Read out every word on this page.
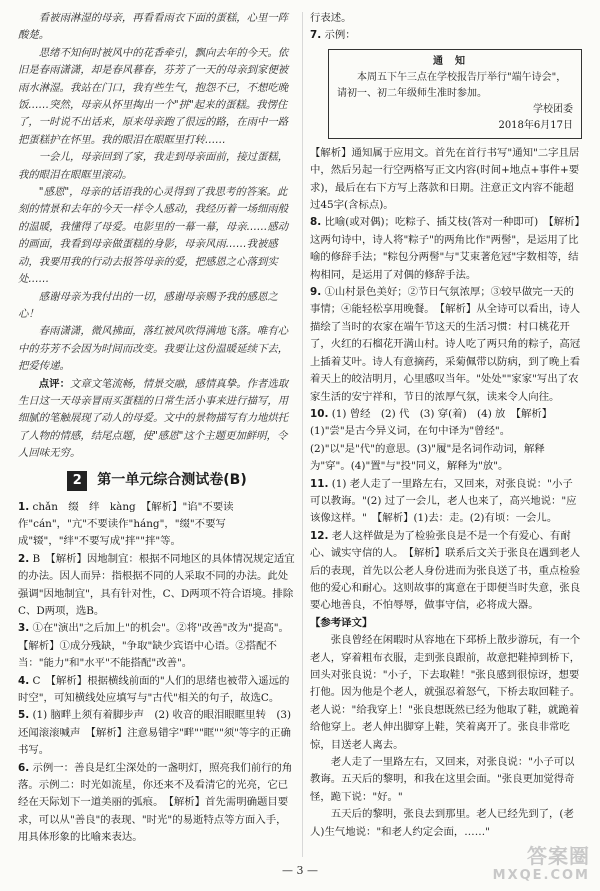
看被雨淋湿的母亲，再看看雨衣下面的蛋糕，心里一阵酸楚。

思绪不知何时被风中的花香牵引，飘向去年的今天。依旧是春雨潇潇，却是春风暮春，芬芳了一天的母亲到家便被雨水淋湿。我站在门口，我有些生气，抱怨不已，不想吃晚饭……突然，母亲从怀里掏出一个"拼"起来的蛋糕。我愣住了，一时说不出话来，原来母亲跑了很远的路，在雨中一路把蛋糕护在怀里。我的眼泪在眼眶里打转……

一会儿，母亲回到了家，我走到母亲面前，接过蛋糕，我的眼泪在眼眶里滚动。

"感恩"，母亲的话语我的心灵得到了我思考的答案。此刻的情景和去年的今天一样令人感动，我经历着一场细雨般的温暖，我懂得了母爱。电影里的一幕一幕，母亲……感动的画面，我看到母亲做蛋糕的身影，母亲风雨……我被感动，我要用我的行动去报答母亲的爱，把感恩之心落到实处……

感谢母亲为我付出的一切，感谢母亲赐予我的感恩之心！

春雨潇潇，微风拂面，落红被风吹得满地飞落。唯有心中的芬芳不会因为时间而改变。我要让这份温暖延续下去，把爱传递。

点评：文章文笔流畅，情景交融，感情真挚。作者选取生日这一天母亲冒雨买蛋糕的日常生活小事来进行描写，用细腻的笔触展现了动人的母爱。文中的景物描写有力地烘托了人物的情感，结尾点题，使"感恩"这个主题更加鲜明，令人回味无穷。

2 第一单元综合测试卷(B)

1. chǎn　缀　绊　kàng　【解析】"谄"不要读作"cán"，"亢"不要读作"háng"，"缀"不要写成"辍"，"绊"不要写成"拌""拌"等。

2. B　【解析】因地制宜：根据不同地区的具体情况规定适宜的办法。因人而异：指根据不同的人采取不同的办法。此处强调"因地制宜"，具有针对性，C、D两项不符合语境。排除C、D两项，选B。

3. ①在"演出"之后加上"的机会"。②将"改善"改为"提高"。　【解析】①成分残缺，"争取"缺少宾语中心语。②搭配不当："能力"和"水平"不能搭配"改善"。

4. C　【解析】根据横线前面的"人们的思绪也被带入遥远的时空"，可知横线处应填写与"古代"相关的句子，故选C。

5. (1) 脑畔上须有着脚步声　(2) 收音的眼泪眼眶里转　(3) 还闻滚滚喊声　【解析】注意易错字"畔""眶""须"等字的正确书写。

6. 示例一：善良是红尘深处的一盏明灯，照亮我们前行的角落。示例二：时光如流星，你还来不及看清它的光亮，它已经在天际划下一道美丽的弧痕。　【解析】首先需明确题目要求，可以从"善良"的表现、"时光"的易逝特点等方面入手，用具体形象的比喻来表达。

行表述。

7. 示例：

通知

本周五下午三点在学校报告厅举行"端午诗会"，请初一、初二年级师生准时参加。

学校团委
2018年6月17日

【解析】通知属于应用文。首先在首行书写"通知"二字且居中，然后另起一行空两格写正文内容(时间+地点+事件+要求)，最后在右下方写上落款和日期。注意正文内容不能超过45字(含标点)。

8. 比喻(或对偶)；吃粽子、插艾枝(答对一种即可)　【解析】这两句诗中，诗人将"粽子"的两角比作"两髻"，是运用了比喻的修辞手法；"粽包分两髻"与"艾束著危冠"字数相等，结构相同，是运用了对偶的修辞手法。

9. ①山村景色美好；②节日气氛浓厚；③较早做完一天的事情；④能轻松享用晚餐。　【解析】从全诗可以看出，诗人描绘了当时的农家在端午节这天的生活习惯：村口桃花开了，火红的石榴花开满山村。诗人吃了两只角的粽子，高冠上插着艾叶。诗人有意摘药，采菊佩带以防病，到了晚上看着天上的皎洁明月，心里感叹当年。"处处""家家"写出了农家生活的安宁祥和，节日的浓厚气氛，读来令人向往。

10. (1) 曾经　(2) 代　(3) 穿(着)　(4) 放　【解析】(1)"尝"是古今异义词，在句中译为"曾经"。(2)"以"是"代"的意思。(3)"履"是名词作动词，解释为"穿"。(4)"置"与"投"同义，解释为"放"。

11. (1) 老人走了一里路左右，又回来，对张良说："小子可以教诲。"(2) 过了一会儿，老人也来了，高兴地说："应该像这样。"　【解析】(1)去：走。(2)有顷：一会儿。

12. 老人这样做是为了检验张良是不是一个有爱心、有耐心、诚实守信的人。　【解析】联系后文关于张良在遇到老人后的表现，首先以公老人身份进而为张良送了书，重点检验他的爱心和耐心。这则故事的寓意在于即便当时失意，张良要心地善良，不怕辱辱，做事守信，必将成大器。

【参考译文】

张良曾经在闲暇时从容地在下邳桥上散步游玩，有一个老人，穿着粗布衣服，走到张良跟前，故意把鞋掉到桥下，回头对张良说："小子，下去取鞋！"张良感到很惊讶，想要打他。因为他是个老人，就强忍着怒气，下桥去取回鞋子。老人说："给我穿上！"张良想既然已经为他取了鞋，就跪着给他穿上。老人伸出脚穿上鞋，笑着离开了。张良非常吃惊，目送老人离去。

老人走了一里路左右，又回来，对张良说："小子可以教诲。五天后的黎明，和我在这里会面。"张良更加觉得奇怪，跪下说："好。"

五天后的黎明，张良去到那里。老人已经先到了，(老人)生气地说："和老人约定会面，……"

— 3 —
答案圈
MXQE.COM
